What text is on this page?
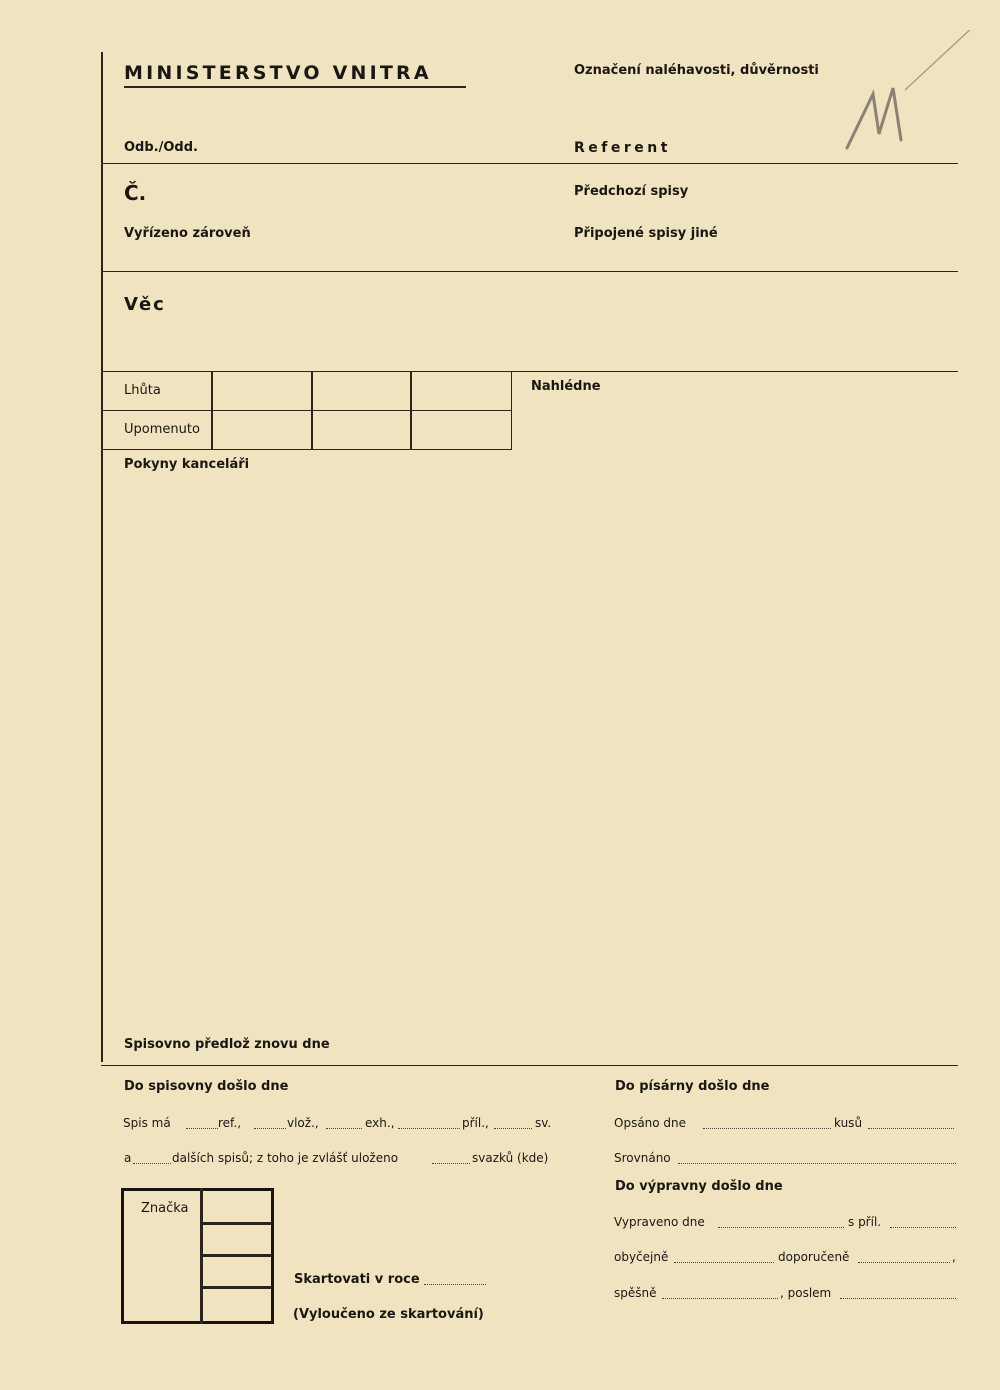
MINISTERSTVO VNITRA	Označení naléhavosti, důvěrnosti
Odb./Odd.	Referent
Č.	Předchozí spisy
Vyřízeno zároveň	Připojené spisy jiné
Věc
Lhůta
Upomenuto
Nahlédne
Pokyny kanceláři
Spisovno předlož znovu dne
Do spisovny došlo dne
Spis má	ref.,	vlož.,	exh.,	příl.,	sv.
a	dalších spisů; z toho je zvlášť uloženo	svazků (kde)
Značka
Skartovati v roce
(Vyloučeno ze skartování)
Do písárny došlo dne
Opsáno dne	kusů
Srovnáno
Do výpravny došlo dne
Vypraveno dne	s příl.
obyčejně	doporučeně	,
spěšně	, poslem
